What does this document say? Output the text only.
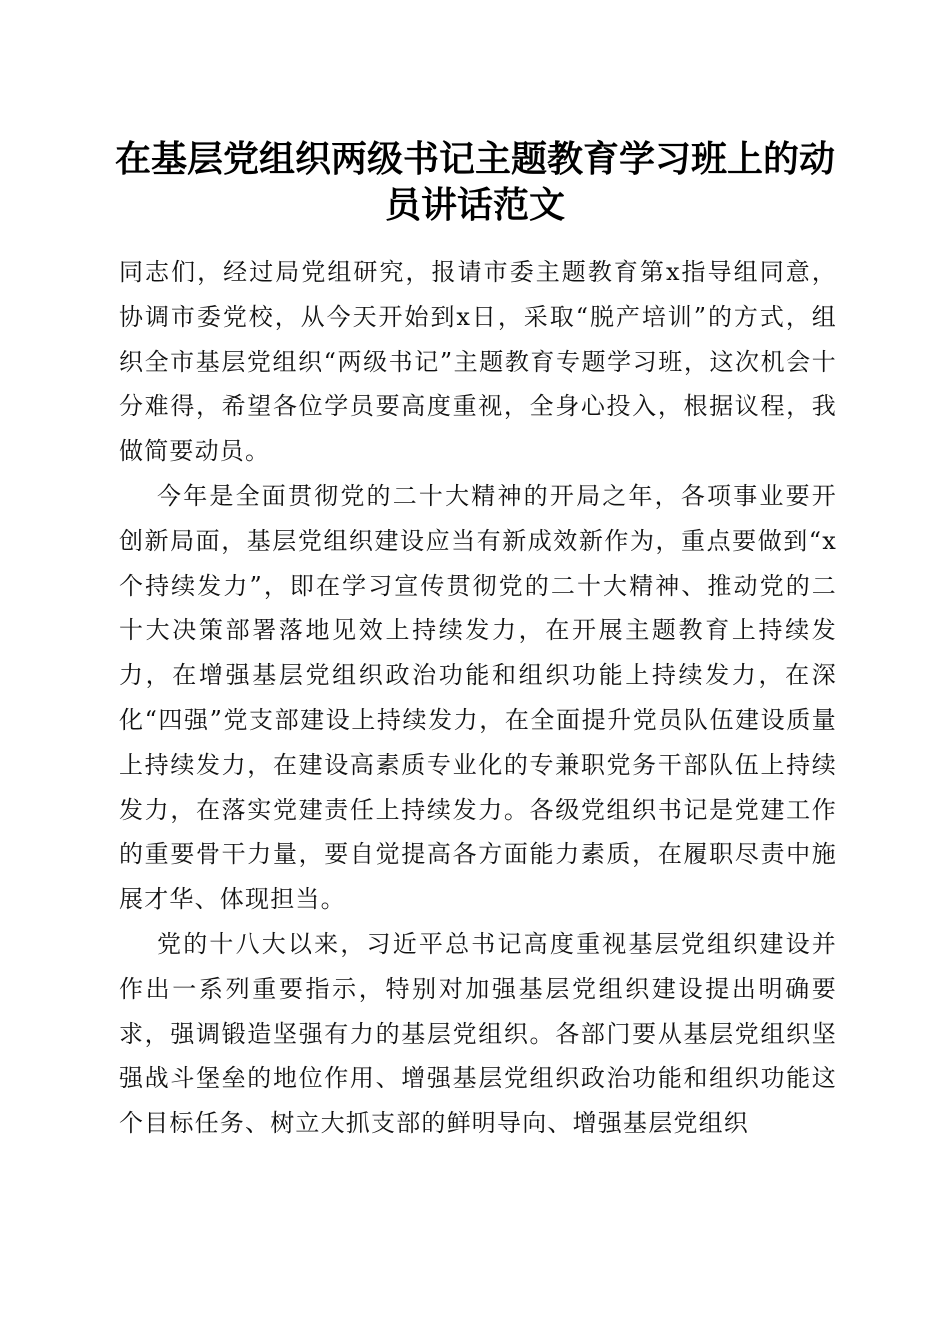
在基层党组织两级书记主题教育学习班上的动员讲话范文

同志们，经过局党组研究，报请市委主题教育第x指导组同意，协调市委党校，从今天开始到x日，采取“脱产培训”的方式，组织全市基层党组织“两级书记”主题教育专题学习班，这次机会十分难得，希望各位学员要高度重视，全身心投入，根据议程，我做简要动员。

今年是全面贯彻党的二十大精神的开局之年，各项事业要开创新局面，基层党组织建设应当有新成效新作为，重点要做到“x个持续发力”，即在学习宣传贯彻党的二十大精神、推动党的二十大决策部署落地见效上持续发力，在开展主题教育上持续发力，在增强基层党组织政治功能和组织功能上持续发力，在深化“四强”党支部建设上持续发力，在全面提升党员队伍建设质量上持续发力，在建设高素质专业化的专兼职党务干部队伍上持续发力，在落实党建责任上持续发力。各级党组织书记是党建工作的重要骨干力量，要自觉提高各方面能力素质，在履职尽责中施展才华、体现担当。

党的十八大以来，习近平总书记高度重视基层党组织建设并作出一系列重要指示，特别对加强基层党组织建设提出明确要求，强调锻造坚强有力的基层党组织。各部门要从基层党组织坚强战斗堡垒的地位作用、增强基层党组织政治功能和组织功能这个目标任务、树立大抓支部的鲜明导向、增强基层党组织
